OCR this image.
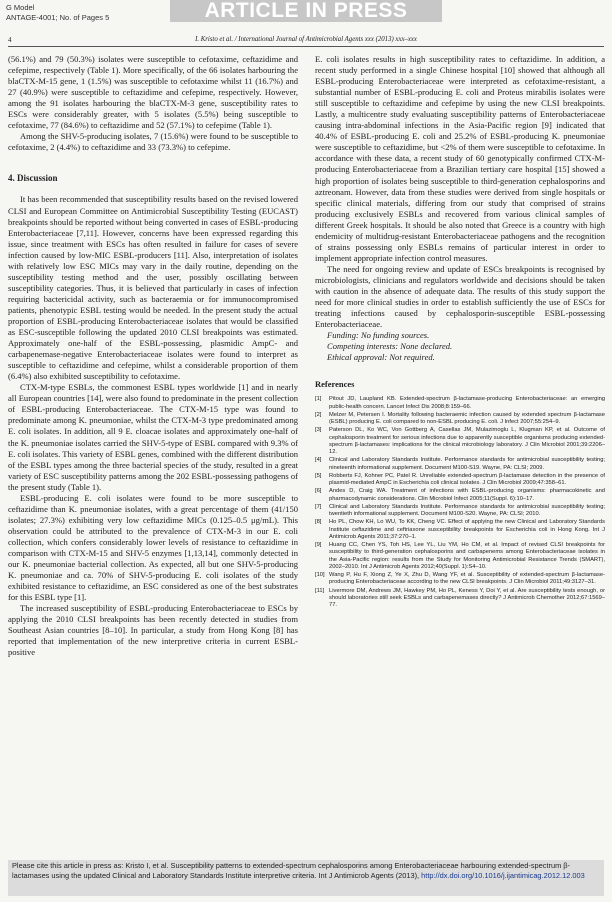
G Model
ANTAGE-4001; No. of Pages 5	ARTICLE IN PRESS
4	I. Kristo et al. / International Journal of Antimicrobial Agents xxx (2013) xxx–xxx

(56.1%) and 79 (50.3%) isolates were susceptible to cefotaxime, ceftazidime and cefepime, respectively (Table 1). More specifically, of the 66 isolates harbouring the blaCTX-M-15 gene, 1 (1.5%) was susceptible to cefotaxime whilst 11 (16.7%) and 27 (40.9%) were susceptible to ceftazidime and cefepime, respectively. However, among the 91 isolates harbouring the blaCTX-M-3 gene, susceptibility rates to ESCs were considerably greater, with 5 isolates (5.5%) being susceptible to cefotaxime, 77 (84.6%) to ceftazidime and 52 (57.1%) to cefepime (Table 1).

Among the SHV-5-producing isolates, 7 (15.6%) were found to be susceptible to cefotaxime, 2 (4.4%) to ceftazidime and 33 (73.3%) to cefepime.

4. Discussion

It has been recommended that susceptibility results based on the revised lowered CLSI and European Committee on Antimicrobial Susceptibility Testing (EUCAST) breakpoints should be reported without being converted in cases of ESBL-producing Enterobacteriaceae [7,11]. However, concerns have been expressed regarding this issue, since treatment with ESCs has often resulted in failure for cases of severe infection caused by low-MIC ESBL-producers [11]. Also, interpretation of isolates with relatively low ESC MICs may vary in the daily routine, depending on the susceptibility testing method and the user, possibly oscillating between susceptibility categories. Thus, it is believed that particularly in cases of infection requiring bactericidal activity, such as bacteraemia or for immunocompromised patients, phenotypic ESBL testing would be needed. In the present study the actual proportion of ESBL-producing Enterobacteriaceae isolates that would be classified as ESC-susceptible following the updated 2010 CLSI breakpoints was estimated. Approximately one-half of the ESBL-possessing, plasmidic AmpC- and carbapenemase-negative Enterobacteriaceae isolates were found to interpret as susceptible to ceftazidime and cefepime, whilst a considerable proportion of them (6.4%) also exhibited susceptibility to cefotaxime.

CTX-M-type ESBLs, the commonest ESBL types worldwide [1] and in nearly all European countries [14], were also found to predominate in the present collection of ESBL-producing Enterobacteriaceae. The CTX-M-15 type was found to predominate among K. pneumoniae, whilst the CTX-M-3 type predominated among E. coli isolates. In addition, all 9 E. cloacae isolates and approximately one-half of the K. pneumoniae isolates carried the SHV-5-type of ESBL compared with 9.3% of E. coli isolates. This variety of ESBL genes, combined with the different distribution of the ESBL types among the three bacterial species of the study, resulted in a great variety of ESC susceptibility patterns among the 202 ESBL-possessing pathogens of the present study (Table 1).

ESBL-producing E. coli isolates were found to be more susceptible to ceftazidime than K. pneumoniae isolates, with a great percentage of them (41/150 isolates; 27.3%) exhibiting very low ceftazidime MICs (0.125–0.5 μg/mL). This observation could be attributed to the prevalence of CTX-M-3 in our E. coli collection, which confers considerably lower levels of resistance to ceftazidime in comparison with CTX-M-15 and SHV-5 enzymes [1,13,14], commonly detected in our K. pneumoniae bacterial collection. As expected, all but one SHV-5-producing K. pneumoniae and ca. 70% of SHV-5-producing E. coli isolates of the study exhibited resistance to ceftazidime, an ESC considered as one of the best substrates for this ESBL type [1].

The increased susceptibility of ESBL-producing Enterobacteriaceae to ESCs by applying the 2010 CLSI breakpoints has been recently detected in studies from Southeast Asian countries [8–10]. In particular, a study from Hong Kong [8] has reported that implementation of the new interpretive criteria in current ESBL-positive

E. coli isolates results in high susceptibility rates to ceftazidime. In addition, a recent study performed in a single Chinese hospital [10] showed that although all ESBL-producing Enterobacteriaceae were interpreted as cefotaxime-resistant, a substantial number of ESBL-producing E. coli and Proteus mirabilis isolates were still susceptible to ceftazidime and cefepime by using the new CLSI breakpoints. Lastly, a multicentre study evaluating susceptibility patterns of Enterobacteriaceae causing intra-abdominal infections in the Asia-Pacific region [9] indicated that 40.4% of ESBL-producing E. coli and 25.2% of ESBL-producing K. pneumoniae were susceptible to ceftazidime, but <2% of them were susceptible to cefotaxime. In accordance with these data, a recent study of 60 genotypically confirmed CTX-M-producing Enterobacteriaceae from a Brazilian tertiary care hospital [15] showed a high proportion of isolates being susceptible to third-generation cephalosporins and aztreonam. However, data from these studies were derived from single hospitals or specific clinical materials, differing from our study that comprised of strains producing exclusively ESBLs and recovered from various clinical samples of different Greek hospitals. It should be also noted that Greece is a country with high endemicity of multidrug-resistant Enterobacteriaceae pathogens and the recognition of strains possessing only ESBLs remains of particular interest in order to implement appropriate infection control measures.

The need for ongoing review and update of ESCs breakpoints is recognised by microbiologists, clinicians and regulators worldwide and decisions should be taken with caution in the absence of adequate data. The results of this study support the need for more clinical studies in order to establish sufficiently the use of ESCs for treating infections caused by cephalosporin-susceptible ESBL-possessing Enterobacteriaceae.

Funding: No funding sources.

Competing interests: None declared.

Ethical approval: Not required.

References
[1]	Pitout JD, Laupland KB. Extended-spectrum β-lactamase-producing Enterobacteriaceae: an emerging public-health concern. Lancet Infect Dis 2008;8:159–66.
[2]	Melzer M, Petersen I. Mortality following bacteraemic infection caused by extended spectrum β-lactamase (ESBL) producing E. coli compared to non-ESBL producing E. coli. J Infect 2007;55:254–9.
[3]	Paterson DL, Ko WC, Von Gottberg A, Casellas JM, Mulazimoglu L, Klugman KP, et al. Outcome of cephalosporin treatment for serious infections due to apparently susceptible organisms producing extended-spectrum β-lactamases: implications for the clinical microbiology laboratory. J Clin Microbiol 2001;39:2206–12.
[4]	Clinical and Laboratory Standards Institute. Performance standards for antimicrobial susceptibility testing; nineteenth informational supplement. Document M100-S19. Wayne, PA: CLSI; 2009.
[5]	Robberts FJ, Kohner PC, Patel R. Unreliable extended-spectrum β-lactamase detection in the presence of plasmid-mediated AmpC in Escherichia coli clinical isolates. J Clin Microbiol 2009;47:358–61.
[6]	Andes D, Craig WA. Treatment of infections with ESBL-producing organisms: pharmacokinetic and pharmacodynamic considerations. Clin Microbiol Infect 2005;11(Suppl. 6):10–17.
[7]	Clinical and Laboratory Standards Institute. Performance standards for antimicrobial susceptibility testing; twentieth informational supplement. Document M100-S20. Wayne, PA: CLSI; 2010.
[8]	Ho PL, Chow KH, Lo WU, To KK, Cheng VC. Effect of applying the new Clinical and Laboratory Standards Institute ceftazidime and ceftriaxone susceptibility breakpoints for Escherichia coli in Hong Kong. Int J Antimicrob Agents 2011;37:270–1.
[9]	Huang CC, Chen YS, Toh HS, Lee YL, Liu YM, Ho CM, et al. Impact of revised CLSI breakpoints for susceptibility to third-generation cephalosporins and carbapenems among Enterobacteriaceae isolates in the Asia-Pacific region: results from the Study for Monitoring Antimicrobial Resistance Trends (SMART), 2002–2010. Int J Antimicrob Agents 2012;40(Suppl. 1):S4–10.
[10] Wang P, Hu F, Xiong Z, Ye X, Zhu D, Wang YF, et al. Susceptibility of extended-spectrum β-lactamase-producing Enterobacteriaceae according to the new CLSI breakpoints. J Clin Microbiol 2011;49:3127–31.
[11] Livermore DM, Andrews JM, Hawkey PM, Ho PL, Keness Y, Doi Y, et al. Are susceptibility tests enough, or should laboratories still seek ESBLs and carbapenemases directly? J Antimicrob Chemother 2012;67:1569–77.
Please cite this article in press as: Kristo I, et al. Susceptibility patterns to extended-spectrum cephalosporins among Enterobacteriaceae harbouring extended-spectrum β-lactamases using the updated Clinical and Laboratory Standards Institute interpretive criteria. Int J Antimicrob Agents (2013), http://dx.doi.org/10.1016/j.ijantimicag.2012.12.003
